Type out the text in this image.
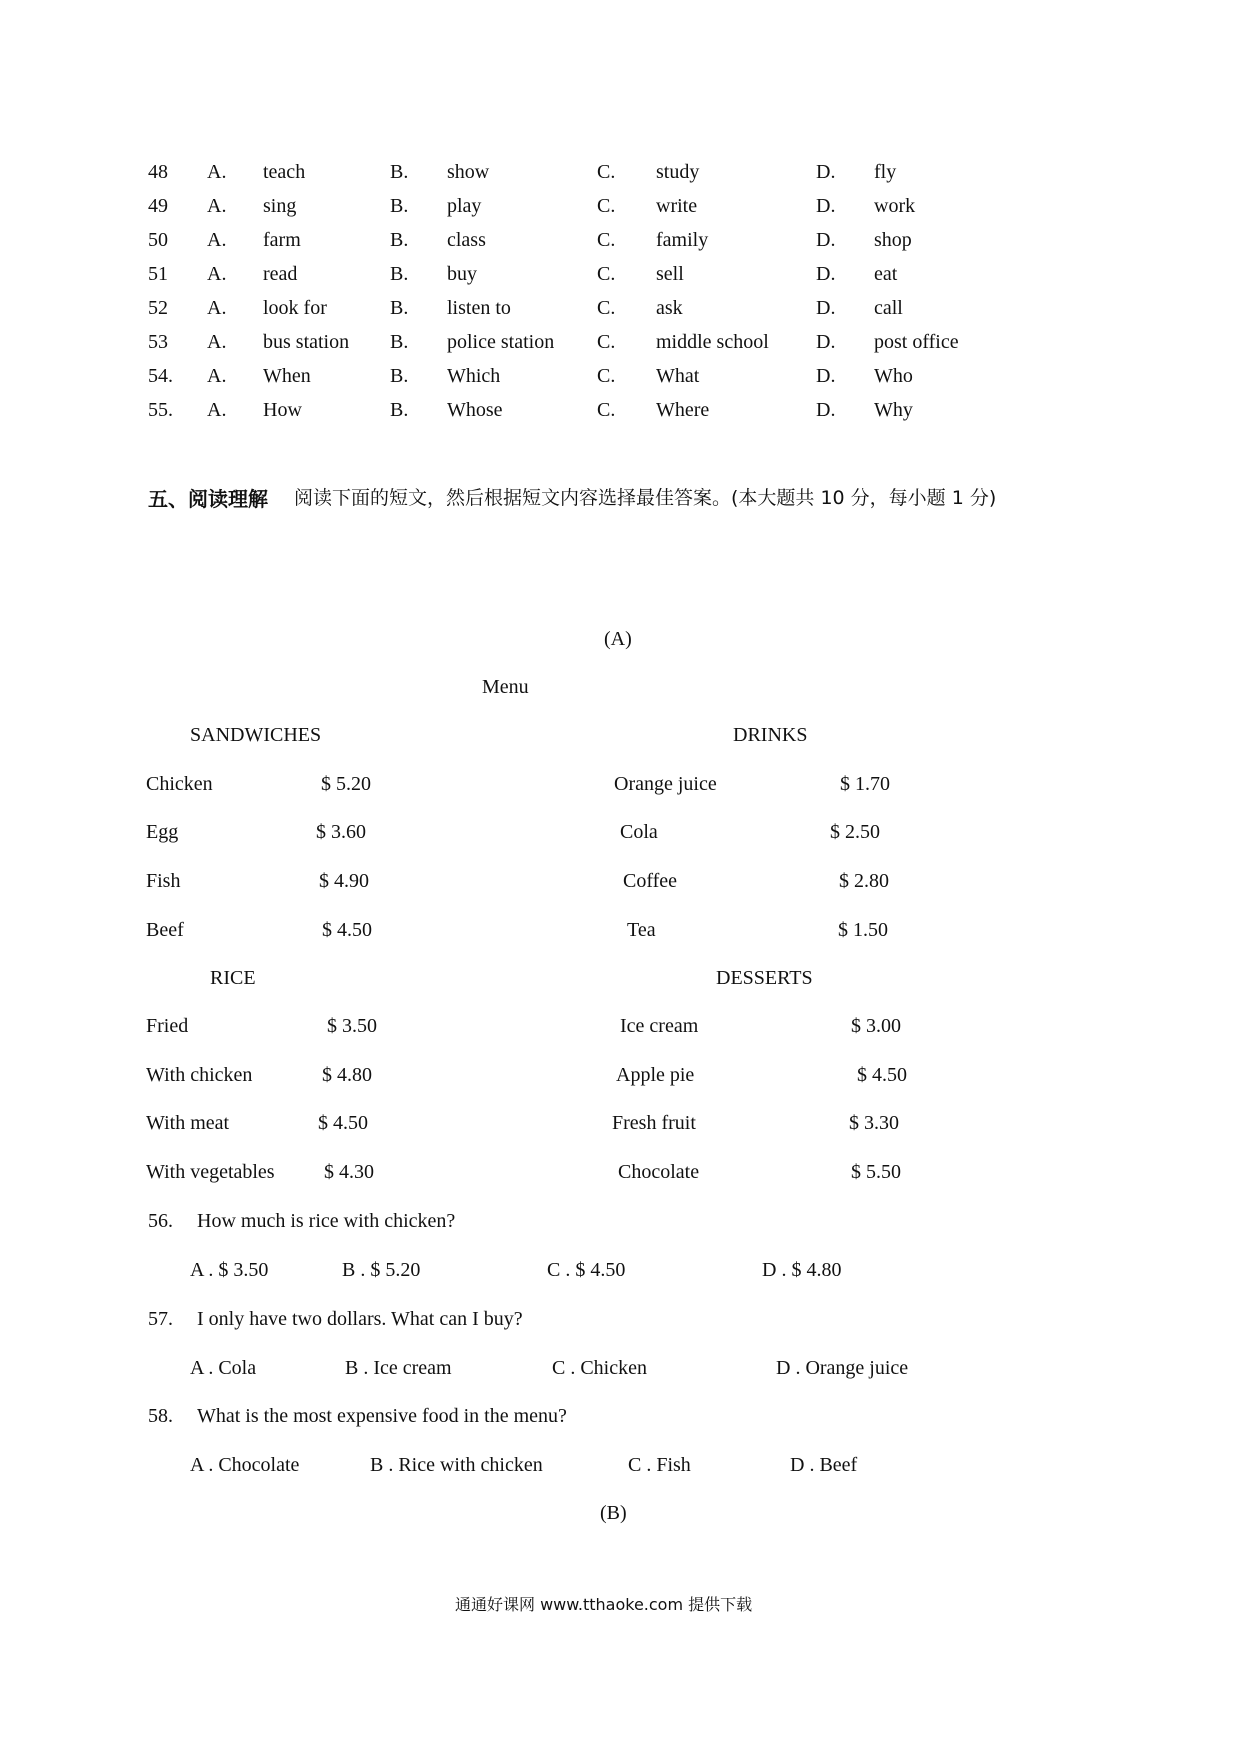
48 A. teach	B. show	C. study	D. fly
49 A. sing	B. play	C. write	D. work
50 A. farm	B. class	C. family	D. shop
51 A. read	B. buy	C. sell	D. eat
52 A. look for	B. listen to	C. ask	D. call
53 A. bus station B. police station C. middle school D. post office
54. A. When	B. Which	C. What	D. Who
55. A. How	B. Whose	C. Where	D. Why
五、阅读理解 阅读下面的短文，然后根据短文内容选择最佳答案。(本大题共 10 分，每小题 1 分)
(A)
Menu
SANDWICHES	DRINKS
Chicken	$ 5.20	Orange juice	$ 1.70
Egg	$ 3.60	Cola	$ 2.50
Fish	$ 4.90	Coffee	$ 2.80
Beef	$ 4.50	Tea	$ 1.50
RICE	DESSERTS
Fried	$ 3.50	Ice cream	$ 3.00
With chicken	$ 4.80	Apple pie	$ 4.50
With meat	$ 4.50	Fresh fruit	$ 3.30
With vegetables $ 4.30	Chocolate	$ 5.50
56. How much is rice with chicken?
A . $ 3.50	B . $ 5.20	C . $ 4.50	D . $ 4.80
57. I only have two dollars. What can I buy?
A . Cola	B . Ice cream	C . Chicken	D . Orange juice
58. What is the most expensive food in the menu?
A . Chocolate	B . Rice with chicken	C . Fish	D . Beef
(B)
通通好课网 www.tthaoke.com 提供下载
